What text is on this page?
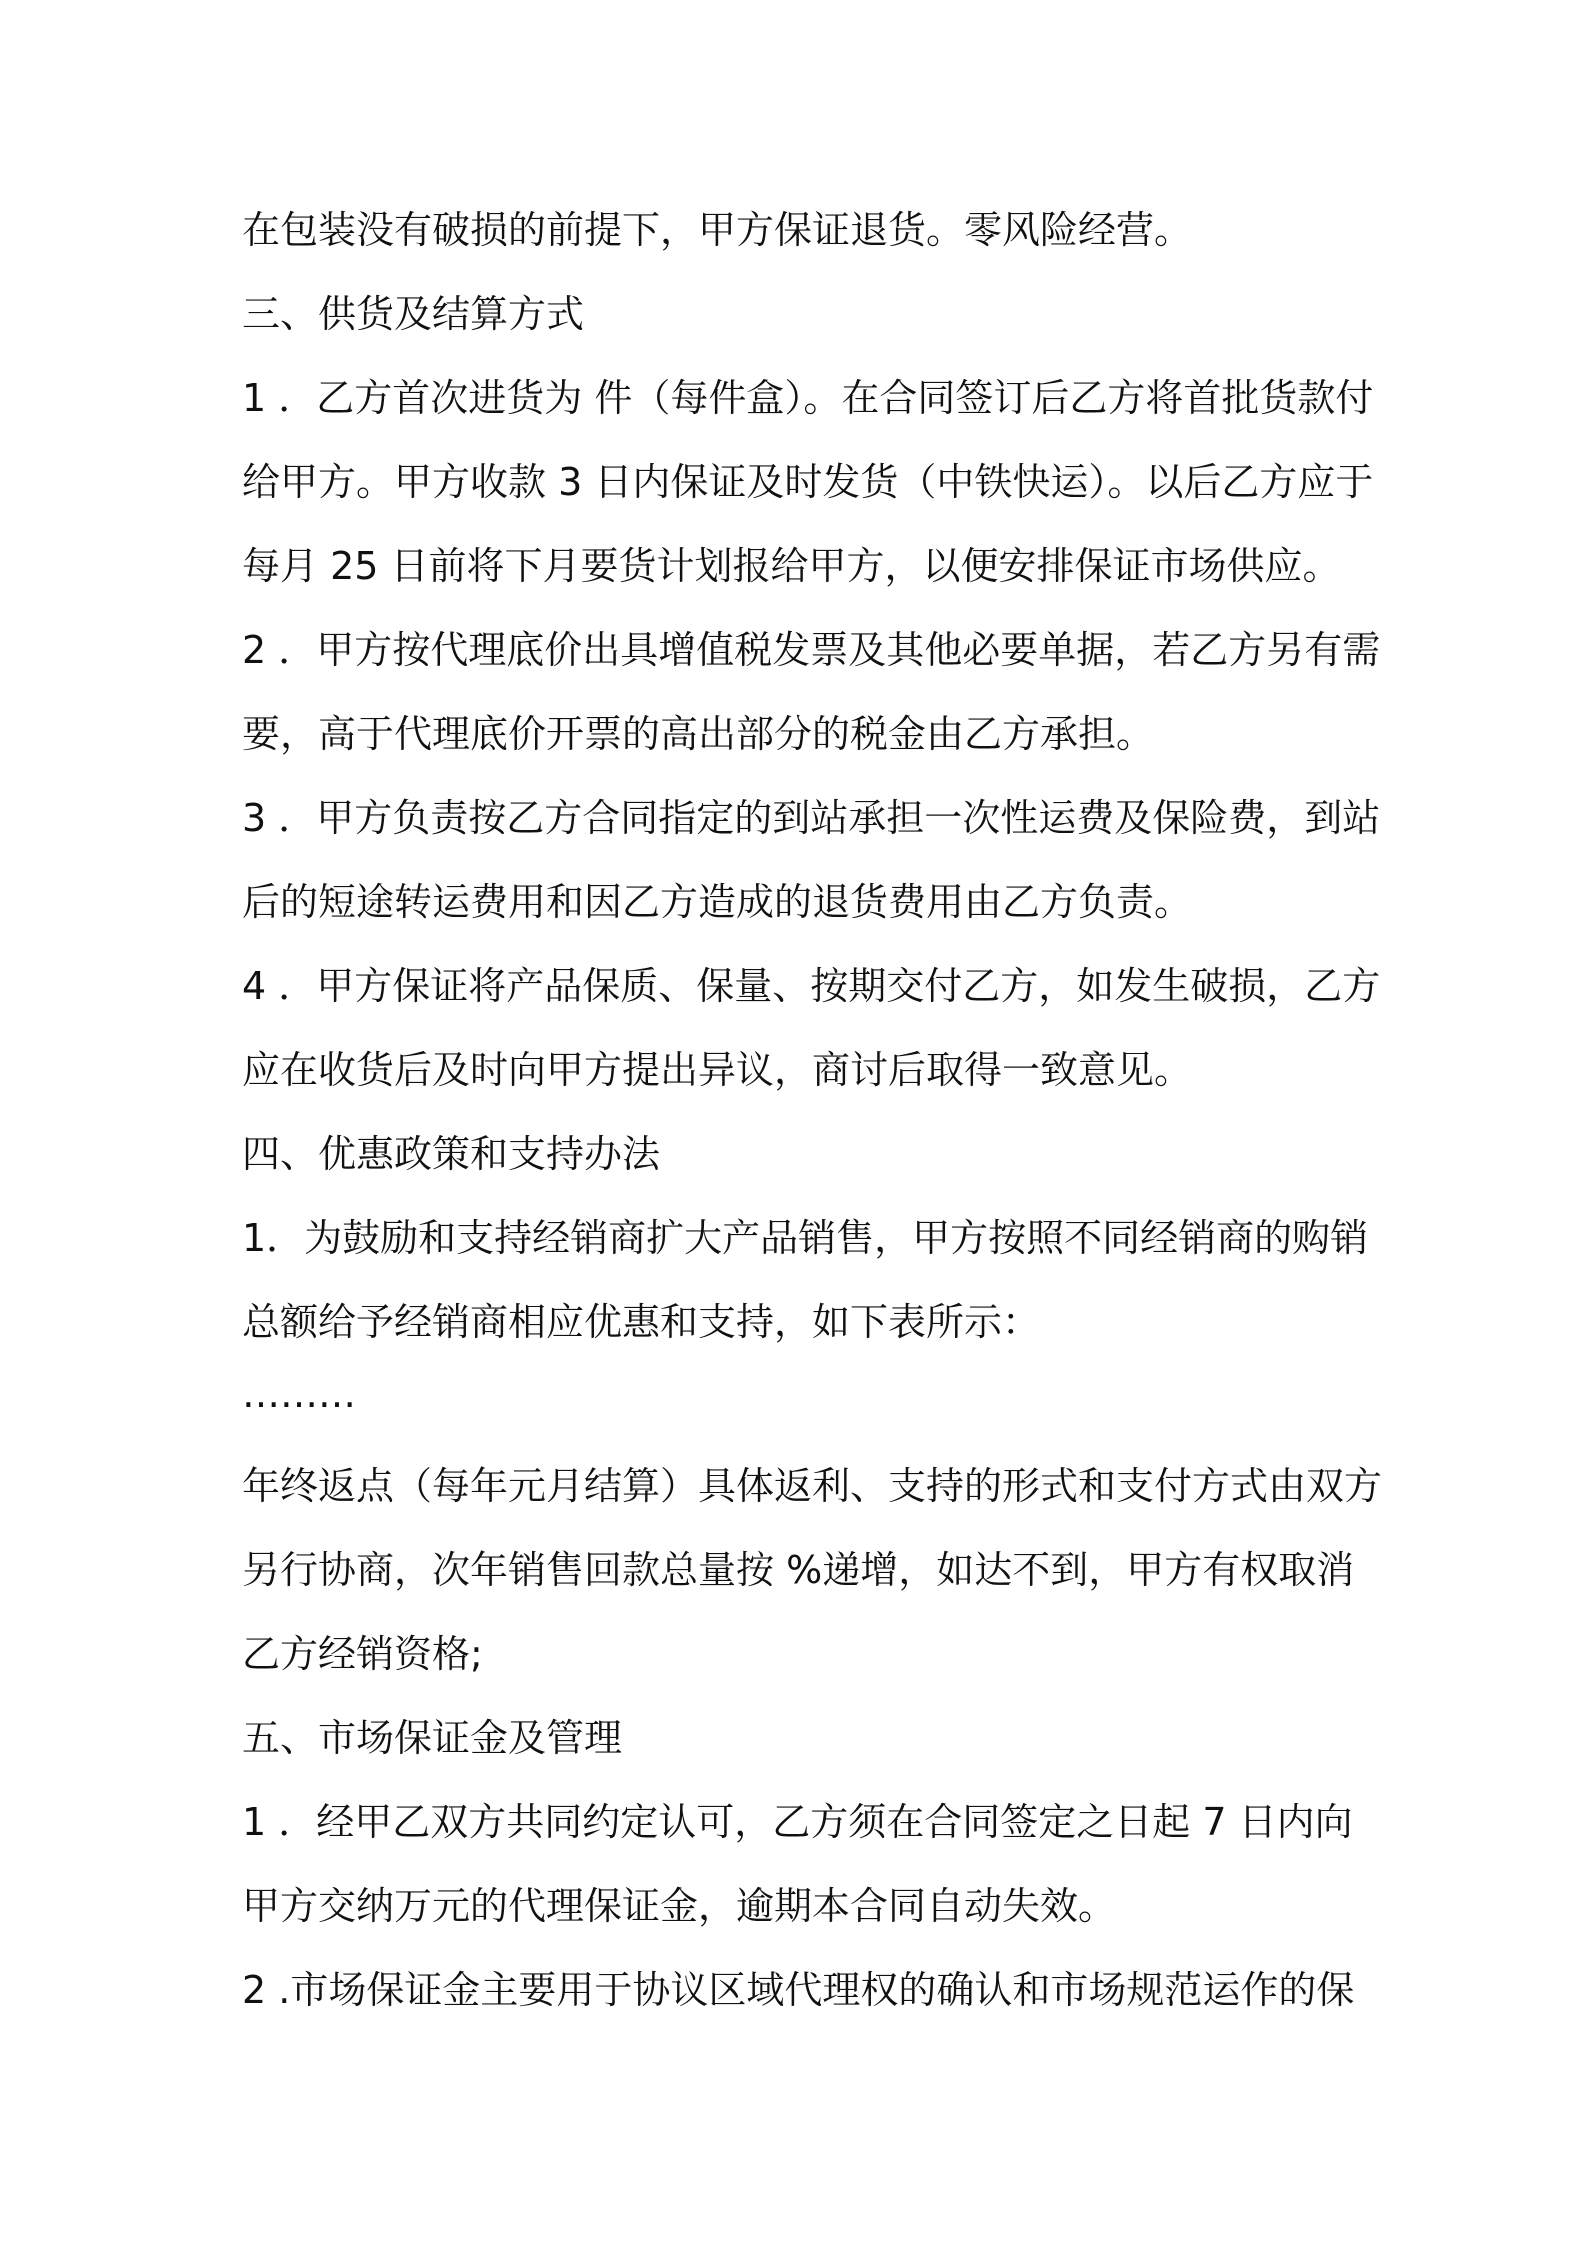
在包装没有破损的前提下，甲方保证退货。零风险经营。
三、供货及结算方式
1 ．乙方首次进货为 件（每件盒）。在合同签订后乙方将首批货款付
给甲方。甲方收款 3 日内保证及时发货（中铁快运）。以后乙方应于
每月 25 日前将下月要货计划报给甲方，以便安排保证市场供应。
2 ．甲方按代理底价出具增值税发票及其他必要单据，若乙方另有需
要，高于代理底价开票的高出部分的税金由乙方承担。
3 ．甲方负责按乙方合同指定的到站承担一次性运费及保险费，到站
后的短途转运费用和因乙方造成的退货费用由乙方负责。
4 ．甲方保证将产品保质、保量、按期交付乙方，如发生破损，乙方
应在收货后及时向甲方提出异议，商讨后取得一致意见。
四、优惠政策和支持办法
1．为鼓励和支持经销商扩大产品销售，甲方按照不同经销商的购销
总额给予经销商相应优惠和支持，如下表所示：
………
年终返点（每年元月结算）具体返利、支持的形式和支付方式由双方
另行协商，次年销售回款总量按 %递增，如达不到，甲方有权取消
乙方经销资格;
五、市场保证金及管理
1 ．经甲乙双方共同约定认可，乙方须在合同签定之日起 7 日内向
甲方交纳万元的代理保证金，逾期本合同自动失效。
2 .市场保证金主要用于协议区域代理权的确认和市场规范运作的保
